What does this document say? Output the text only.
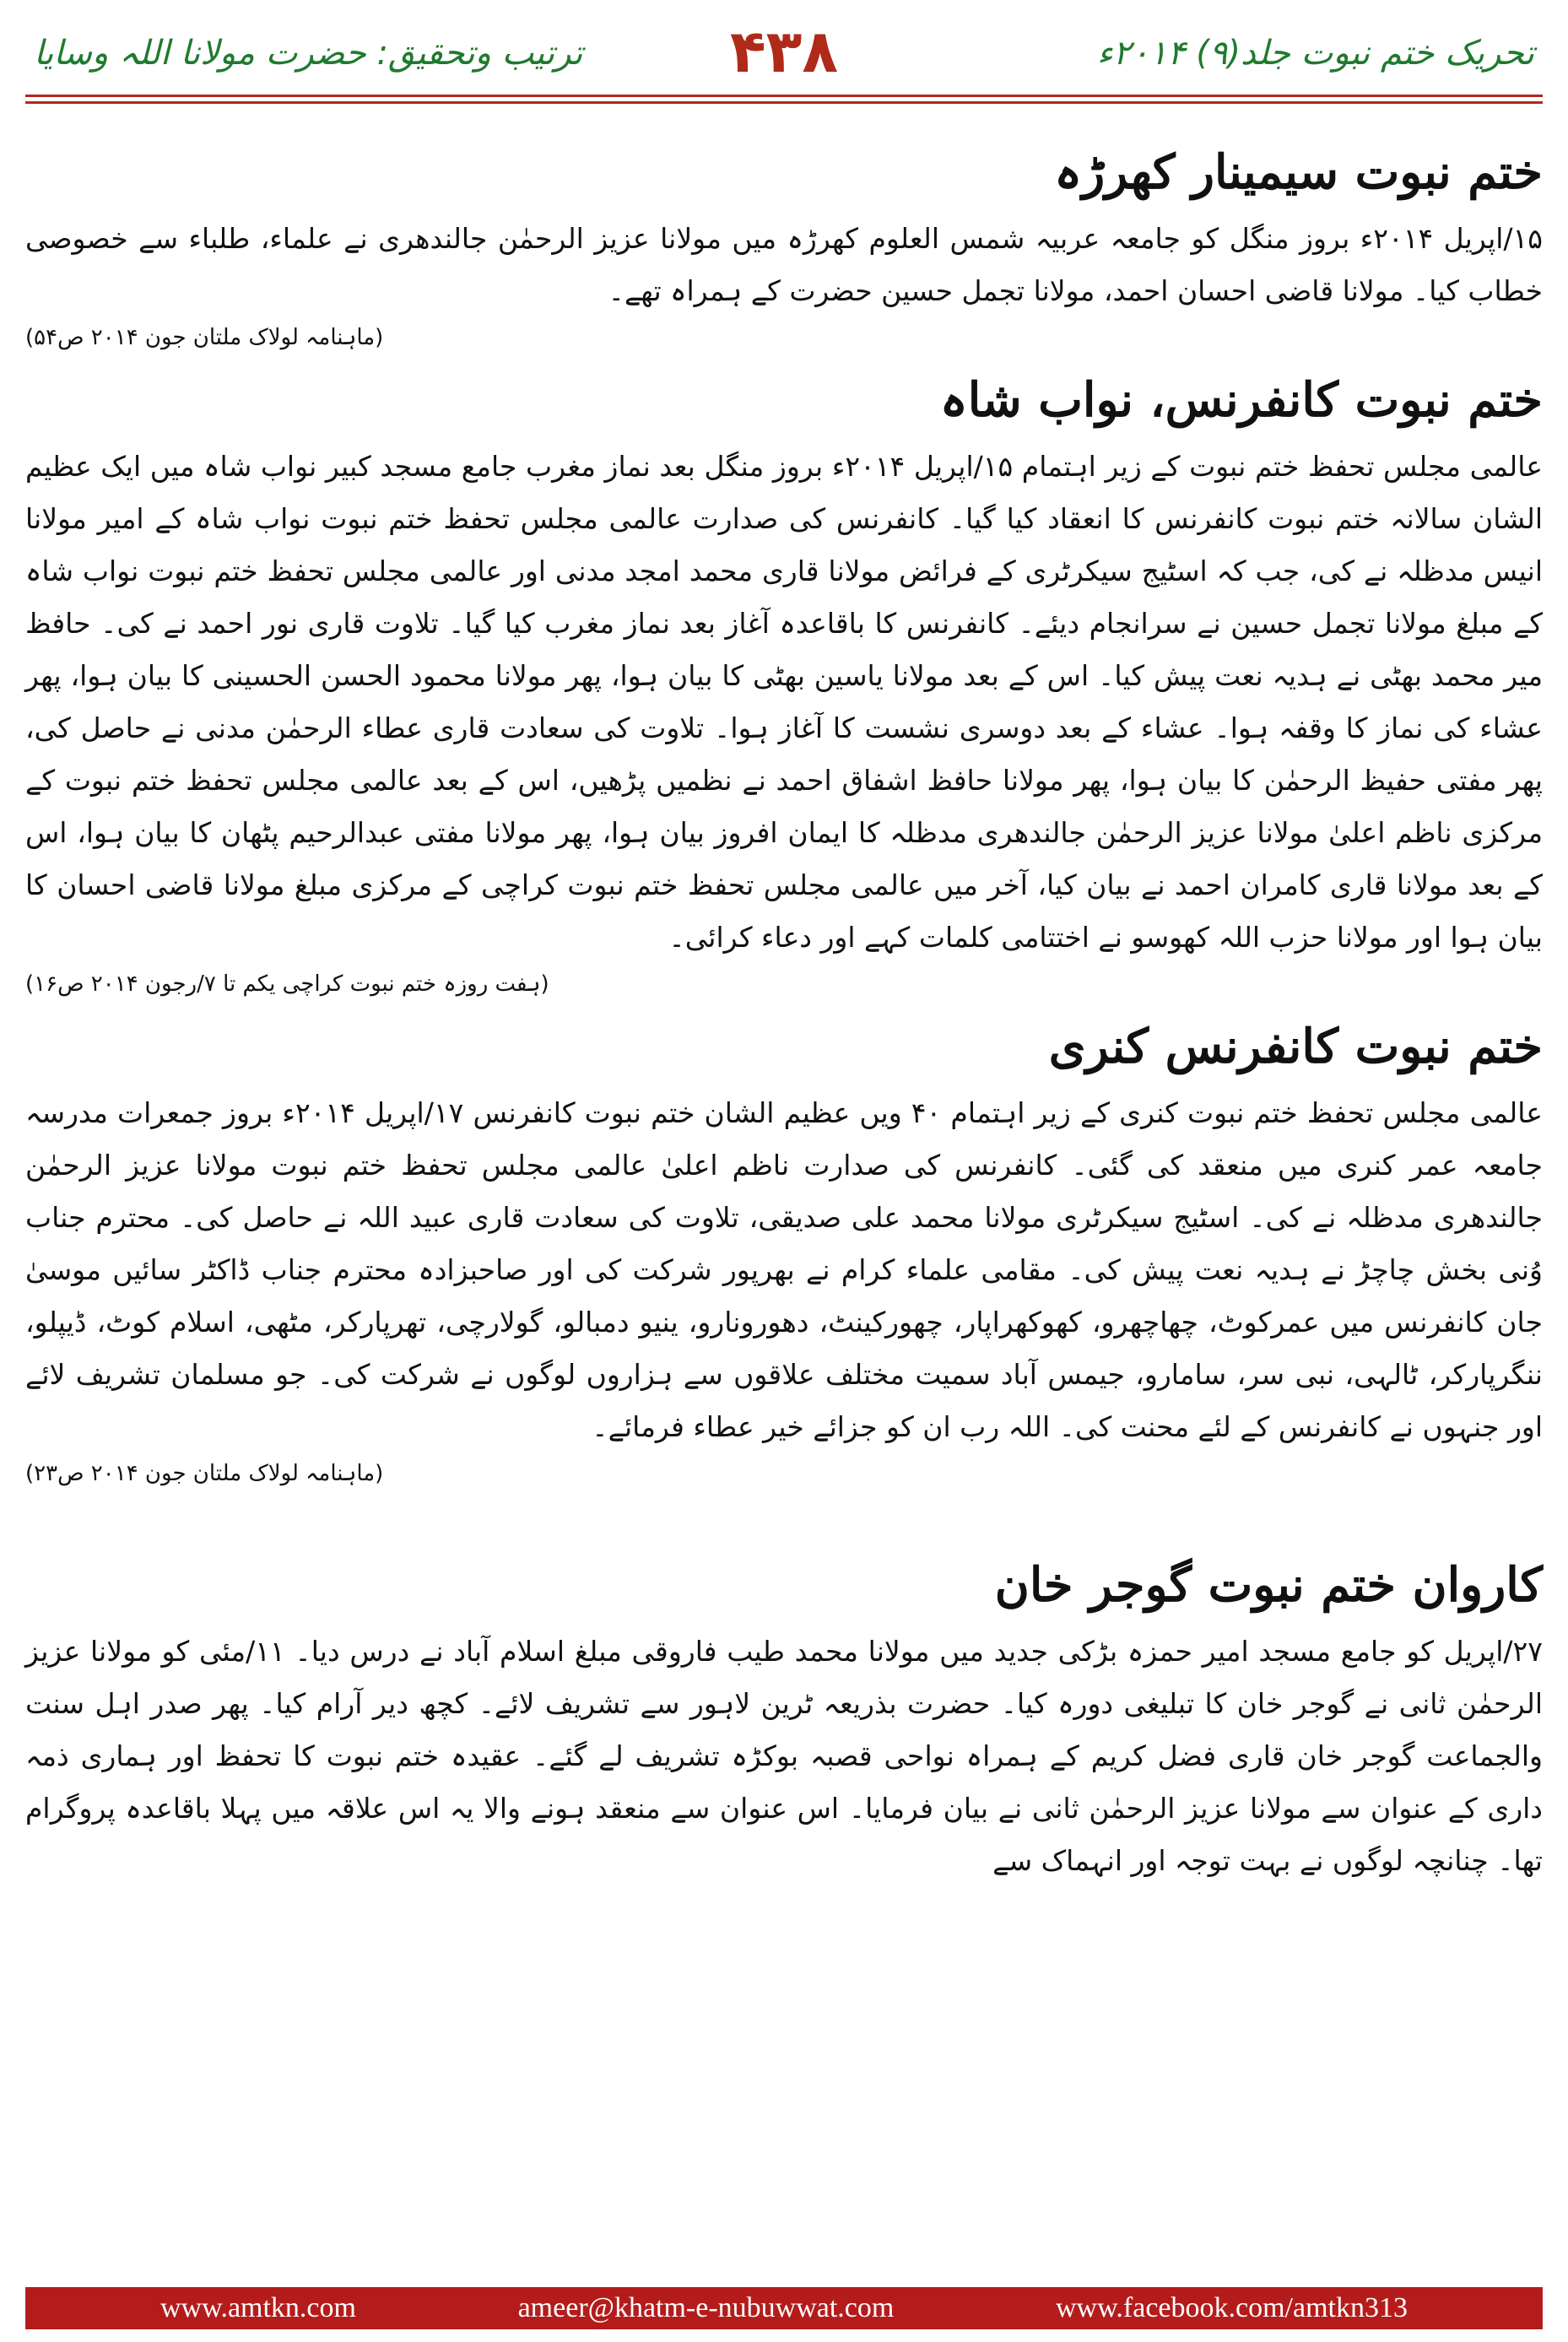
ترتیب وتحقیق: حضرت مولانا اللہ وسایا	۴۳۸	تحریک ختم نبوت جلد(۹) ۲۰۱۴ء
ختم نبوت سیمینار کھرڑہ

۱۵/اپریل ۲۰۱۴ء بروز منگل کو جامعہ عربیہ شمس العلوم کھرڑہ میں مولانا عزیز الرحمٰن جالندھری نے علماء، طلباء سے خصوصی خطاب کیا۔ مولانا قاضی احسان احمد، مولانا تجمل حسین حضرت کے ہمراہ تھے۔

(ماہنامہ لولاک ملتان جون ۲۰۱۴ ص۵۴)
ختم نبوت کانفرنس، نواب شاہ

عالمی مجلس تحفظ ختم نبوت کے زیر اہتمام ۱۵/اپریل ۲۰۱۴ء بروز منگل بعد نماز مغرب جامع مسجد کبیر نواب شاہ میں ایک عظیم الشان سالانہ ختم نبوت کانفرنس کا انعقاد کیا گیا۔ کانفرنس کی صدارت عالمی مجلس تحفظ ختم نبوت نواب شاہ کے امیر مولانا انیس مدظلہ نے کی، جب کہ اسٹیج سیکرٹری کے فرائض مولانا قاری محمد امجد مدنی اور عالمی مجلس تحفظ ختم نبوت نواب شاہ کے مبلغ مولانا تجمل حسین نے سرانجام دیئے۔ کانفرنس کا باقاعدہ آغاز بعد نماز مغرب کیا گیا۔ تلاوت قاری نور احمد نے کی۔ حافظ میر محمد بھٹی نے ہدیہ نعت پیش کیا۔ اس کے بعد مولانا یاسین بھٹی کا بیان ہوا، پھر مولانا محمود الحسن الحسینی کا بیان ہوا، پھر عشاء کی نماز کا وقفہ ہوا۔ عشاء کے بعد دوسری نشست کا آغاز ہوا۔ تلاوت کی سعادت قاری عطاء الرحمٰن مدنی نے حاصل کی، پھر مفتی حفیظ الرحمٰن کا بیان ہوا، پھر مولانا حافظ اشفاق احمد نے نظمیں پڑھیں، اس کے بعد عالمی مجلس تحفظ ختم نبوت کے مرکزی ناظم اعلیٰ مولانا عزیز الرحمٰن جالندھری مدظلہ کا ایمان افروز بیان ہوا، پھر مولانا مفتی عبدالرحیم پٹھان کا بیان ہوا، اس کے بعد مولانا قاری کامران احمد نے بیان کیا، آخر میں عالمی مجلس تحفظ ختم نبوت کراچی کے مرکزی مبلغ مولانا قاضی احسان کا بیان ہوا اور مولانا حزب اللہ کھوسو نے اختتامی کلمات کہے اور دعاء کرائی۔

(ہفت روزہ ختم نبوت کراچی یکم تا ۷/رجون ۲۰۱۴ ص۱۶)
ختم نبوت کانفرنس کنری

عالمی مجلس تحفظ ختم نبوت کنری کے زیر اہتمام ۴۰ ویں عظیم الشان ختم نبوت کانفرنس ۱۷/اپریل ۲۰۱۴ء بروز جمعرات مدرسہ جامعہ عمر کنری میں منعقد کی گئی۔ کانفرنس کی صدارت ناظم اعلیٰ عالمی مجلس تحفظ ختم نبوت مولانا عزیز الرحمٰن جالندھری مدظلہ نے کی۔ اسٹیج سیکرٹری مولانا محمد علی صدیقی، تلاوت کی سعادت قاری عبید اللہ نے حاصل کی۔ محترم جناب وُنی بخش چاچڑ نے ہدیہ نعت پیش کی۔ مقامی علماء کرام نے بھرپور شرکت کی اور صاحبزادہ محترم جناب ڈاکٹر سائیں موسیٰ جان کانفرنس میں عمرکوٹ، چھاچھرو، کھوکھراپار، چھورکینٹ، دھورونارو، ینیو دمبالو، گولارچی، تھرپارکر، مٹھی، اسلام کوٹ، ڈیپلو، ننگرپارکر، ٹالہی، نبی سر، سامارو، جیمس آباد سمیت مختلف علاقوں سے ہزاروں لوگوں نے شرکت کی۔ جو مسلمان تشریف لائے اور جنہوں نے کانفرنس کے لئے محنت کی۔ اللہ رب ان کو جزائے خیر عطاء فرمائے۔

(ماہنامہ لولاک ملتان جون ۲۰۱۴ ص۲۳)
کاروان ختم نبوت گوجر خان

۲۷/اپریل کو جامع مسجد امیر حمزہ بڑکی جدید میں مولانا محمد طیب فاروقی مبلغ اسلام آباد نے درس دیا۔ ۱۱/مئی کو مولانا عزیز الرحمٰن ثانی نے گوجر خان کا تبلیغی دورہ کیا۔ حضرت بذریعہ ٹرین لاہور سے تشریف لائے۔ کچھ دیر آرام کیا۔ پھر صدر اہل سنت والجماعت گوجر خان قاری فضل کریم کے ہمراہ نواحی قصبہ بوکڑہ تشریف لے گئے۔ عقیدہ ختم نبوت کا تحفظ اور ہماری ذمہ داری کے عنوان سے مولانا عزیز الرحمٰن ثانی نے بیان فرمایا۔ اس عنوان سے منعقد ہونے والا یہ اس علاقہ میں پہلا باقاعدہ پروگرام تھا۔ چنانچہ لوگوں نے بہت توجہ اور انہماک سے

www.amtkn.com	ameer@khatm-e-nubuwwat.com	www.facebook.com/amtkn313
